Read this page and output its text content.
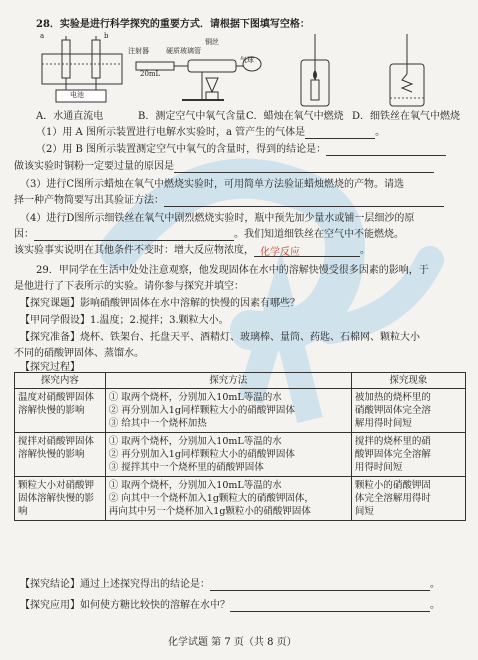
28．实验是进行科学探究的重要方式．请根据下图填写空格：
a	b
电池
注射器 硬质玻璃管
铜丝
20mL
气球
A．水通直流电	B．测定空气中氧气含量 C．蜡烛在氧气中燃烧 D．细铁丝在氧气中燃烧
（1）用 A 图所示装置进行电解水实验时，a 管产生的气体是	。
（2）用 B 图所示装置测定空气中氧气的含量时，得到的结论是：
做该实验时铜粉一定要过量的原因是
（3）进行C图所示蜡烛在氧气中燃烧实验时，可用简单方法验证蜡烛燃烧的产物。请选
择一种产物简要写出其验证方法：
（4）进行D图所示细铁丝在氧气中剧烈燃烧实验时，瓶中预先加少量水或铺一层细沙的原
因：	。我们知道细铁丝在空气中不能燃烧。
该实验事实说明在其他条件不变时：增大反应物浓度， 化学反应	。
29．甲同学在生活中处处注意观察，他发现固体在水中的溶解快慢受很多因素的影响，于
是他进行了下表所示的实验。请你参与探究并填空：
【探究课题】影响硝酸钾固体在水中溶解的快慢的因素有哪些？
【甲同学假设】1.温度；2.搅拌；3.颗粒大小。
【探究准备】烧杯、铁架台、托盘天平、酒精灯、玻璃棒、量筒、药匙、石棉网、颗粒大小
不同的硝酸钾固体、蒸馏水。
【探究过程】
探究内容	探究方法	探究现象

温度对硝酸钾固体
溶解快慢的影响	① 取两个烧杯，分别加入10mL等温的水
② 再分别加入1g同样颗粒大小的硝酸钾固体
③ 给其中一个烧杯加热	被加热的烧杯里的
硝酸钾固体完全溶
解用得时间短

搅拌对硝酸钾固体
溶解快慢的影响	① 取两个烧杯，分别加入10mL等温的水
② 再分别加入1g同样颗粒大小的硝酸钾固体
③ 搅拌其中一个烧杯里的硝酸钾固体	搅拌的烧杯里的硝
酸钾固体完全溶解
用得时间短

颗粒大小对硝酸钾
固体溶解快慢的影
响	① 取两个烧杯，分别加入10mL等温的水
② 向其中一个烧杯加入1g颗粒大的硝酸钾固体，
再向其中另一个烧杯加入1g颗粒小的硝酸钾固体	颗粒小的硝酸钾固
体完全溶解用得时
间短
【探究结论】通过上述探究得出的结论是：	。
【探究应用】如何使方糖比较快的溶解在水中？	。
化学试题 第 7 页（共 8 页）
